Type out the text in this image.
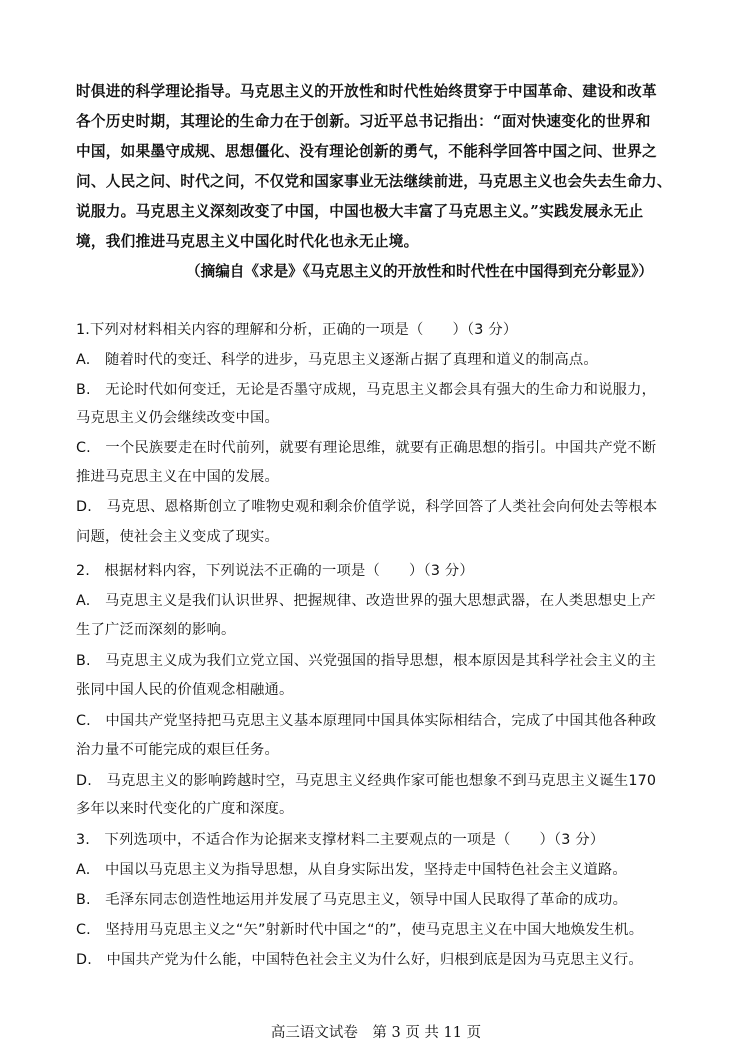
时俱进的科学理论指导。马克思主义的开放性和时代性始终贯穿于中国革命、建设和改革
各个历史时期，其理论的生命力在于创新。习近平总书记指出：“面对快速变化的世界和
中国，如果墨守成规、思想僵化、没有理论创新的勇气，不能科学回答中国之问、世界之
问、人民之问、时代之问，不仅党和国家事业无法继续前进，马克思主义也会失去生命力、
说服力。马克思主义深刻改变了中国，中国也极大丰富了马克思主义。”实践发展永无止
境，我们推进马克思主义中国化时代化也永无止境。
（摘编自《求是》《马克思主义的开放性和时代性在中国得到充分彰显》）
1.下列对材料相关内容的理解和分析，正确的一项是（　　）（3 分）
A.　随着时代的变迁、科学的进步，马克思主义逐渐占据了真理和道义的制高点。
B.　无论时代如何变迁，无论是否墨守成规，马克思主义都会具有强大的生命力和说服力，
马克思主义仍会继续改变中国。
C.　一个民族要走在时代前列，就要有理论思维，就要有正确思想的指引。中国共产党不断
推进马克思主义在中国的发展。
D.　马克思、恩格斯创立了唯物史观和剩余价值学说，科学回答了人类社会向何处去等根本
问题，使社会主义变成了现实。
2.　根据材料内容，下列说法不正确的一项是（　　）（3 分）
A.　马克思主义是我们认识世界、把握规律、改造世界的强大思想武器，在人类思想史上产
生了广泛而深刻的影响。
B.　马克思主义成为我们立党立国、兴党强国的指导思想，根本原因是其科学社会主义的主
张同中国人民的价值观念相融通。
C.　中国共产党坚持把马克思主义基本原理同中国具体实际相结合，完成了中国其他各种政
治力量不可能完成的艰巨任务。
D.　马克思主义的影响跨越时空，马克思主义经典作家可能也想象不到马克思主义诞生170
多年以来时代变化的广度和深度。
3.　下列选项中，不适合作为论据来支撑材料二主要观点的一项是（　　）（3 分）
A.　中国以马克思主义为指导思想，从自身实际出发，坚持走中国特色社会主义道路。
B.　毛泽东同志创造性地运用并发展了马克思主义，领导中国人民取得了革命的成功。
C.　坚持用马克思主义之“矢”射新时代中国之“的”，使马克思主义在中国大地焕发生机。
D.　中国共产党为什么能，中国特色社会主义为什么好，归根到底是因为马克思主义行。
高三语文试卷　第 3 页 共 11 页
